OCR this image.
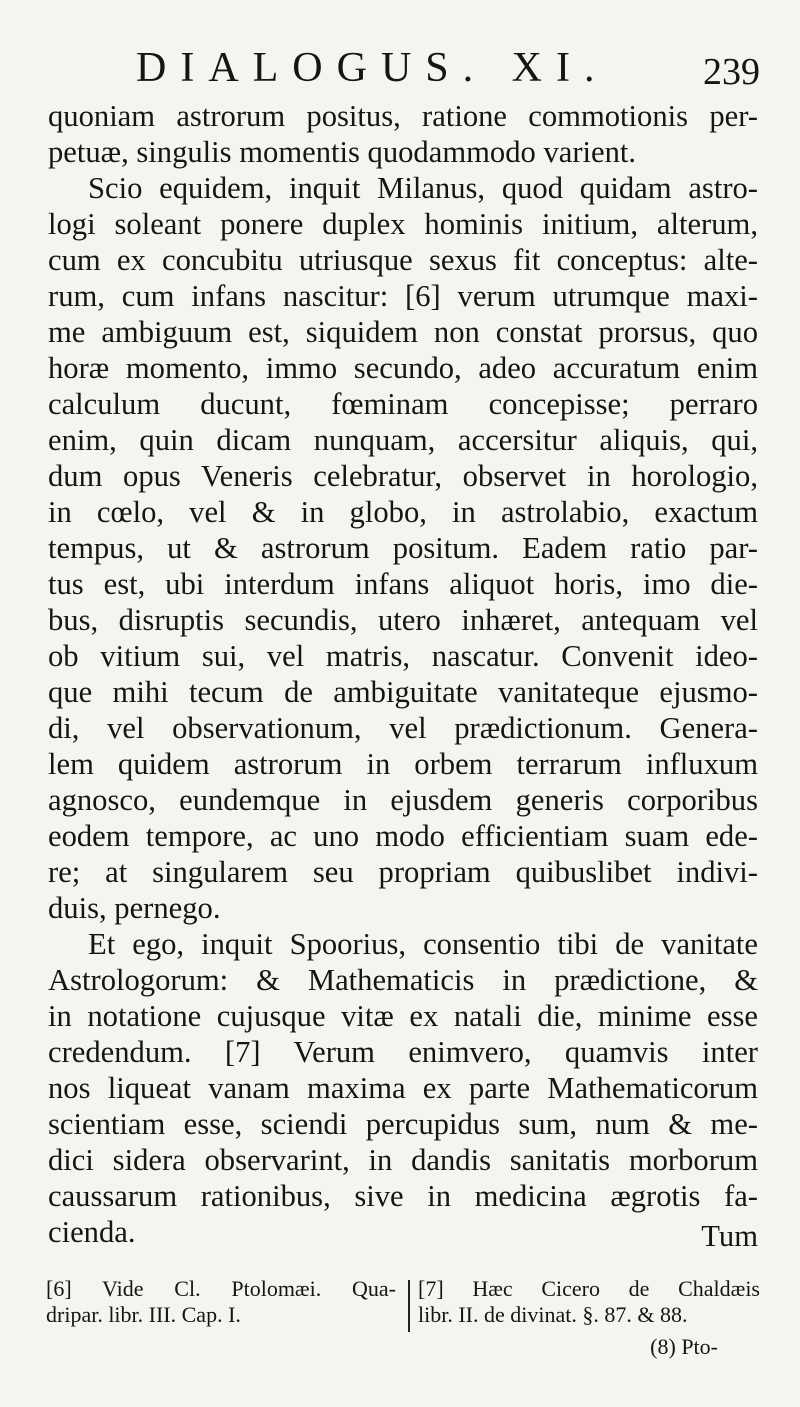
DIALOGUS. XI. 239
quoniam astrorum positus, ratione commotionis per-
petuæ, singulis momentis quodammodo varient.
Scio equidem, inquit Milanus, quod quidam astro-
logi soleant ponere duplex hominis initium, alterum,
cum ex concubitu utriusque sexus fit conceptus: alte-
rum, cum infans nascitur: [6] verum utrumque maxi-
me ambiguum est, siquidem non constat prorsus, quo
horæ momento, immo secundo, adeo accuratum enim
calculum ducunt, fœminam concepisse; perraro
enim, quin dicam nunquam, accersitur aliquis, qui,
dum opus Veneris celebratur, observet in horologio,
in cœlo, vel & in globo, in astrolabio, exactum
tempus, ut & astrorum positum. Eadem ratio par-
tus est, ubi interdum infans aliquot horis, imo die-
bus, disruptis secundis, utero inhæret, antequam vel
ob vitium sui, vel matris, nascatur. Convenit ideo-
que mihi tecum de ambiguitate vanitateque ejusmo-
di, vel observationum, vel prædictionum. Genera-
lem quidem astrorum in orbem terrarum influxum
agnosco, eundemque in ejusdem generis corporibus
eodem tempore, ac uno modo efficientiam suam ede-
re; at singularem seu propriam quibuslibet indivi-
duis, pernego.
Et ego, inquit Spoorius, consentio tibi de vanitate
Astrologorum: & Mathematicis in prædictione, &
in notatione cujusque vitæ ex natali die, minime esse
credendum. [7] Verum enimvero, quamvis inter
nos liqueat vanam maxima ex parte Mathematicorum
scientiam esse, sciendi percupidus sum, num & me-
dici sidera observarint, in dandis sanitatis morborum
caussarum rationibus, sive in medicina ægrotis fa-
cienda.	Tum
[6] Vide Cl. Ptolomæi. Qua-
dripar. libr. III. Cap. I.
[7] Hæc Cicero de Chaldæis
libr. II. de divinat. §. 87. & 88.
(8) Pto-
